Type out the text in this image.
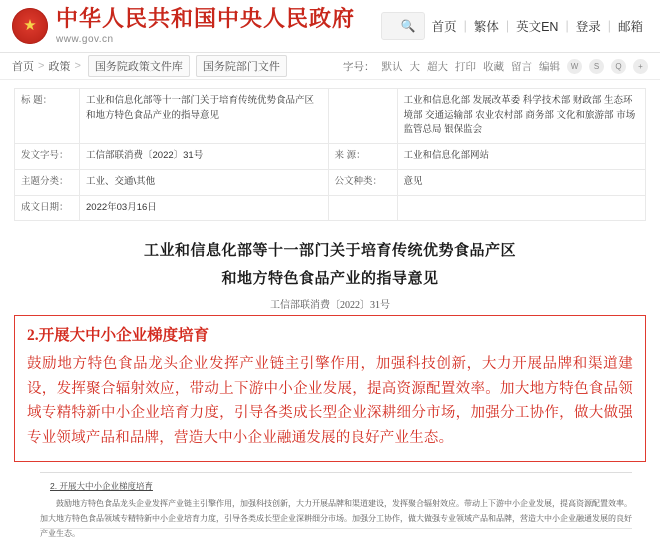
★
中华人民共和国中央人民政府
www.gov.cn
🔍	首页 | 繁体 | 英文EN | 登录 | 邮箱
首页 > 政策 >	国务院政策文件库	国务院部门文件	字号： 默认 大 超大 打印 收藏 留言 编辑	W	S	Q	+
标 题：	工业和信息化部等十一部门关于培育传统优势食品产区和地方特色食品产业的指导意见		工业和信息化部 发展改革委 科学技术部 财政部 生态环境部 交通运输部 农业农村部 商务部 文化和旅游部 市场监管总局 银保监会
发文字号：	工信部联消费〔2022〕31号	来 源：	工业和信息化部网站
主题分类：	工业、交通\其他	公文种类：	意见
成文日期：	2022年03月16日		
工业和信息化部等十一部门关于培育传统优势食品产区
和地方特色食品产业的指导意见
工信部联消费〔2022〕31号
2.开展大中小企业梯度培育

鼓励地方特色食品龙头企业发挥产业链主引擎作用，加强科技创新，大力开展品牌和渠道建设，发挥聚合辐射效应，带动上下游中小企业发展，提高资源配置效率。加大地方特色食品领域专精特新中小企业培育力度，引导各类成长型企业深耕细分市场，加强分工协作，做大做强专业领域产品和品牌，营造大中小企业融通发展的良好产业生态。

2. 开展大中小企业梯度培育

鼓励地方特色食品龙头企业发挥产业链主引擎作用，加强科技创新，大力开展品牌和渠道建设，发挥聚合辐射效应。带动上下游中小企业发展，提高资源配置效率。加大地方特色食品领域专精特新中小企业培育力度，引导各类成长型企业深耕细分市场。加强分工协作，做大做强专业领域产品和品牌，营造大中小企业融通发展的良好产业生态。
